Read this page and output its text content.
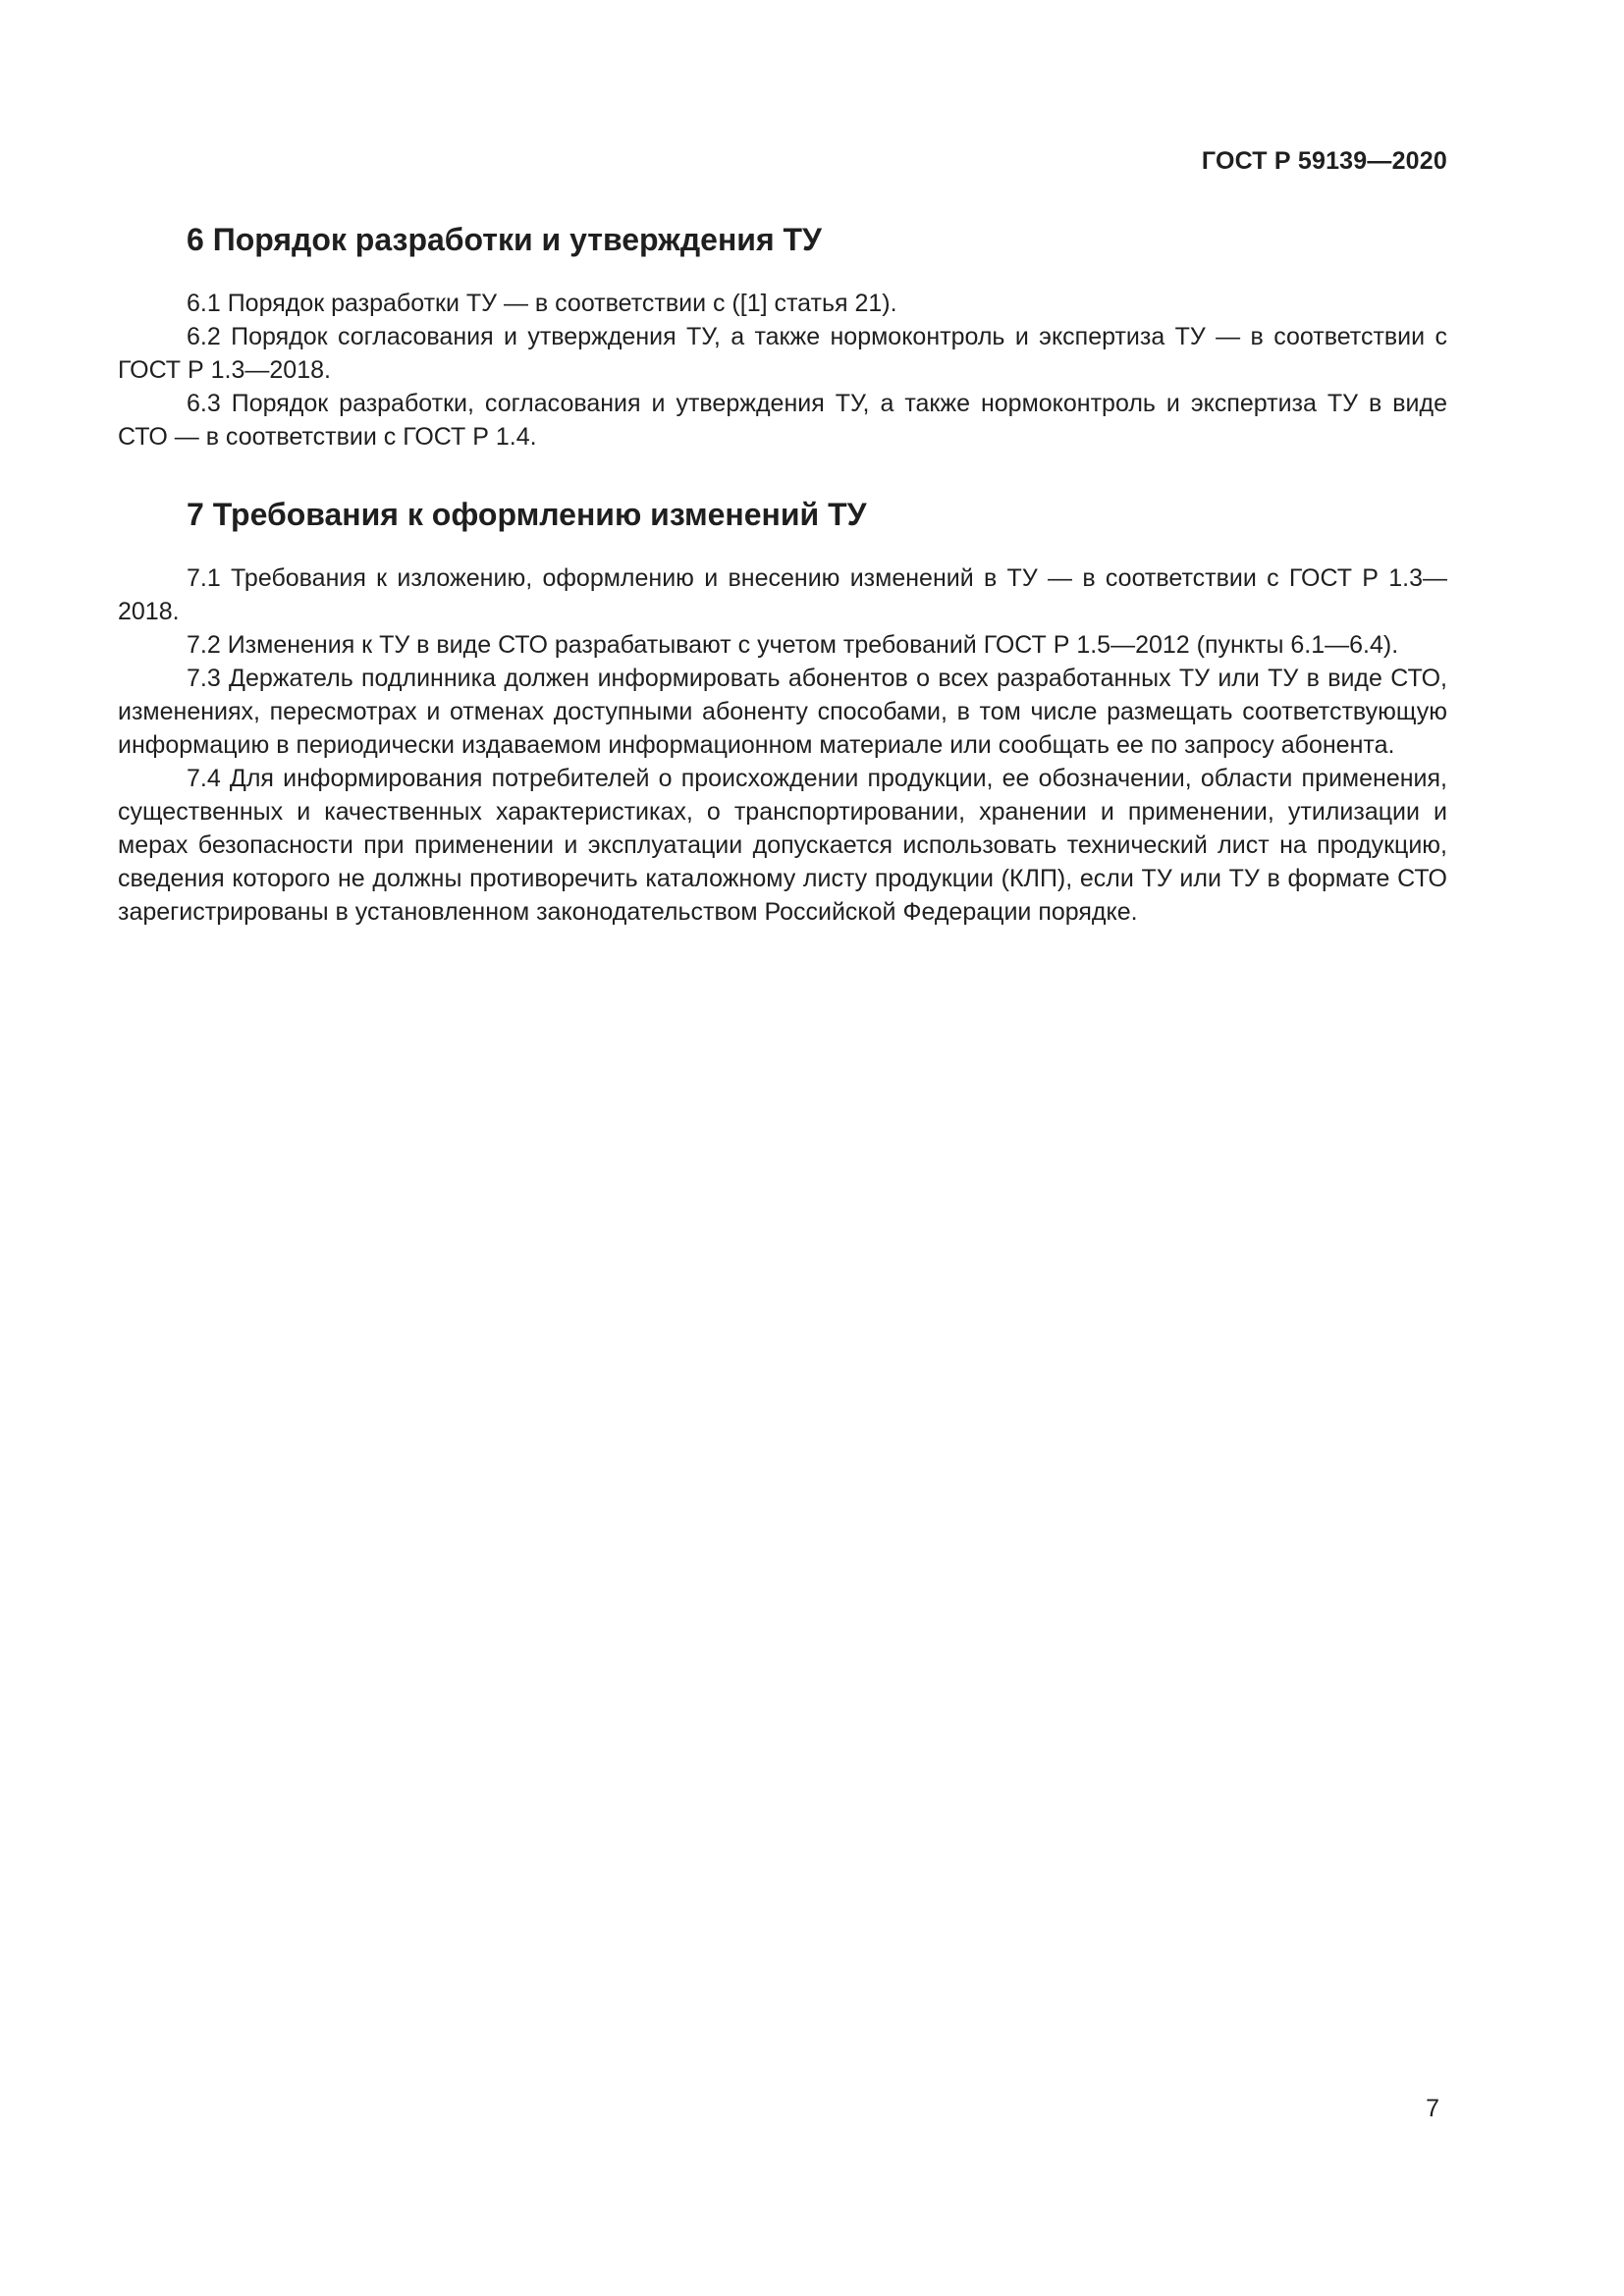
ГОСТ Р 59139—2020
6 Порядок разработки и утверждения ТУ

6.1 Порядок разработки ТУ — в соответствии с ([1] статья 21).

6.2 Порядок согласования и утверждения ТУ, а также нормоконтроль и экспертиза ТУ — в соответствии с ГОСТ Р 1.3—2018.

6.3 Порядок разработки, согласования и утверждения ТУ, а также нормоконтроль и экспертиза ТУ в виде СТО — в соответствии с ГОСТ Р 1.4.

7 Требования к оформлению изменений ТУ

7.1 Требования к изложению, оформлению и внесению изменений в ТУ — в соответствии с ГОСТ Р 1.3—2018.

7.2 Изменения к ТУ в виде СТО разрабатывают с учетом требований ГОСТ Р 1.5—2012 (пункты 6.1—6.4).

7.3 Держатель подлинника должен информировать абонентов о всех разработанных ТУ или ТУ в виде СТО, изменениях, пересмотрах и отменах доступными абоненту способами, в том числе размещать соответствующую информацию в периодически издаваемом информационном материале или сообщать ее по запросу абонента.

7.4 Для информирования потребителей о происхождении продукции, ее обозначении, области применения, существенных и качественных характеристиках, о транспортировании, хранении и применении, утилизации и мерах безопасности при применении и эксплуатации допускается использовать технический лист на продукцию, сведения которого не должны противоречить каталожному листу продукции (КЛП), если ТУ или ТУ в формате СТО зарегистрированы в установленном законодательством Российской Федерации порядке.

7
